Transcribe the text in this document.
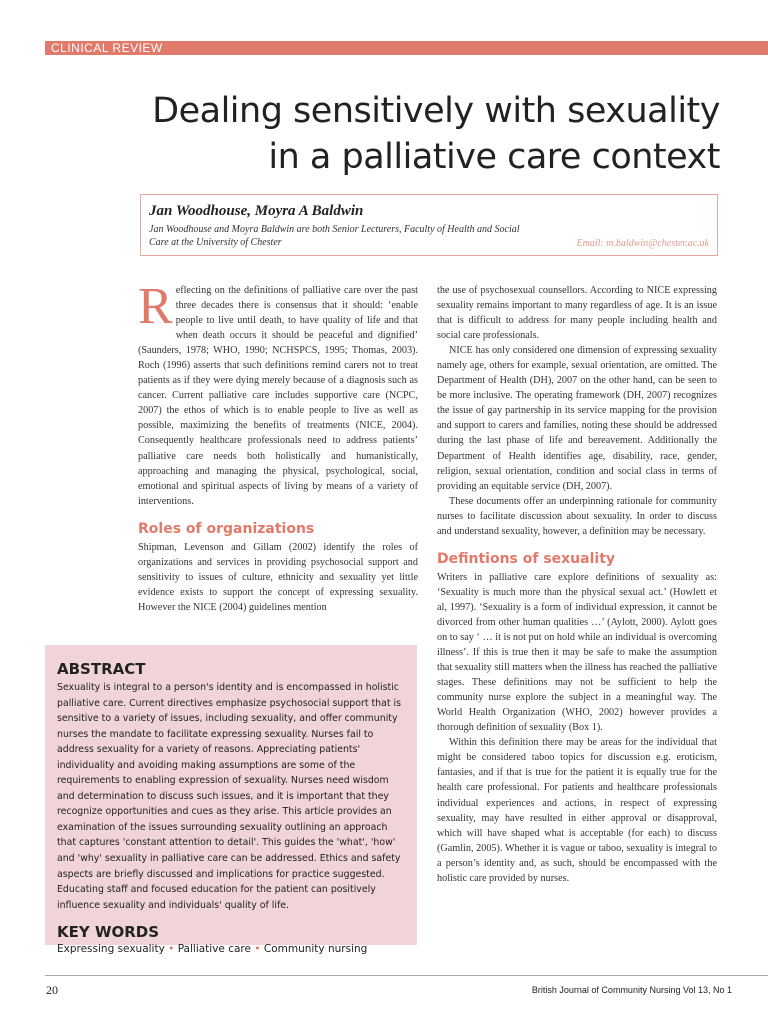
CLINICAL REVIEW
Dealing sensitively with sexuality
in a palliative care context
Jan Woodhouse, Moyra A Baldwin
Jan Woodhouse and Moyra Baldwin are both Senior Lecturers, Faculty of Health and Social Care at the University of Chester	Email: m.baldwin@chester.ac.uk

Reflecting on the definitions of palliative care over the past three decades there is consensus that it should: ‘enable people to live until death, to have quality of life and that when death occurs it should be peaceful and dignified’ (Saunders, 1978; WHO, 1990; NCHSPCS, 1995; Thomas, 2003). Roch (1996) asserts that such definitions remind carers not to treat patients as if they were dying merely because of a diagnosis such as cancer. Current palliative care includes supportive care (NCPC, 2007) the ethos of which is to enable people to live as well as possible, maximizing the benefits of treatments (NICE, 2004). Consequently healthcare professionals need to address patients’ palliative care needs both holistically and humanistically, approaching and managing the physical, psychological, social, emotional and spiritual aspects of living by means of a variety of interventions.

Roles of organizations

Shipman, Levenson and Gillam (2002) identify the roles of organizations and services in providing psychosocial support and sensitivity to issues of culture, ethnicity and sexuality yet little evidence exists to support the concept of expressing sexuality. However the NICE (2004) guidelines mention

the use of psychosexual counsellors. According to NICE expressing sexuality remains important to many regardless of age. It is an issue that is difficult to address for many people including health and social care professionals.

NICE has only considered one dimension of expressing sexuality namely age, others for example, sexual orientation, are omitted. The Department of Health (DH), 2007 on the other hand, can be seen to be more inclusive. The operating framework (DH, 2007) recognizes the issue of gay partnership in its service mapping for the provision and support to carers and families, noting these should be addressed during the last phase of life and bereavement. Additionally the Department of Health identifies age, disability, race, gender, religion, sexual orientation, condition and social class in terms of providing an equitable service (DH, 2007).

These documents offer an underpinning rationale for community nurses to facilitate discussion about sexuality. In order to discuss and understand sexuality, however, a definition may be necessary.

Defintions of sexuality

Writers in palliative care explore definitions of sexuality as: ‘Sexuality is much more than the physical sexual act.’ (Howlett et al, 1997). ‘Sexuality is a form of individual expression, it cannot be divorced from other human qualities …’ (Aylott, 2000). Aylott goes on to say ‘ … it is not put on hold while an individual is overcoming illness’. If this is true then it may be safe to make the assumption that sexuality still matters when the illness has reached the palliative stages. These definitions may not be sufficient to help the community nurse explore the subject in a meaningful way. The World Health Organization (WHO, 2002) however provides a thorough definition of sexuality (Box 1).

Within this definition there may be areas for the individual that might be considered taboo topics for discussion e.g. eroticism, fantasies, and if that is true for the patient it is equally true for the health care professional. For patients and healthcare professionals individual experiences and actions, in respect of expressing sexuality, may have resulted in either approval or disapproval, which will have shaped what is acceptable (for each) to discuss (Gamlin, 2005). Whether it is vague or taboo, sexuality is integral to a person’s identity and, as such, should be encompassed with the holistic care provided by nurses.

ABSTRACT

Sexuality is integral to a person's identity and is encompassed in holistic palliative care. Current directives emphasize psychosocial support that is sensitive to a variety of issues, including sexuality, and offer community nurses the mandate to facilitate expressing sexuality. Nurses fail to address sexuality for a variety of reasons. Appreciating patients' individuality and avoiding making assumptions are some of the requirements to enabling expression of sexuality. Nurses need wisdom and determination to discuss such issues, and it is important that they recognize opportunities and cues as they arise. This article provides an examination of the issues surrounding sexuality outlining an approach that captures 'constant attention to detail'. This guides the 'what', 'how' and 'why' sexuality in palliative care can be addressed. Ethics and safety aspects are briefly discussed and implications for practice suggested. Educating staff and focused education for the patient can positively influence sexuality and individuals' quality of life.

KEY WORDS
Expressing sexuality • Palliative care • Community nursing
20	British Journal of Community Nursing Vol 13, No 1
